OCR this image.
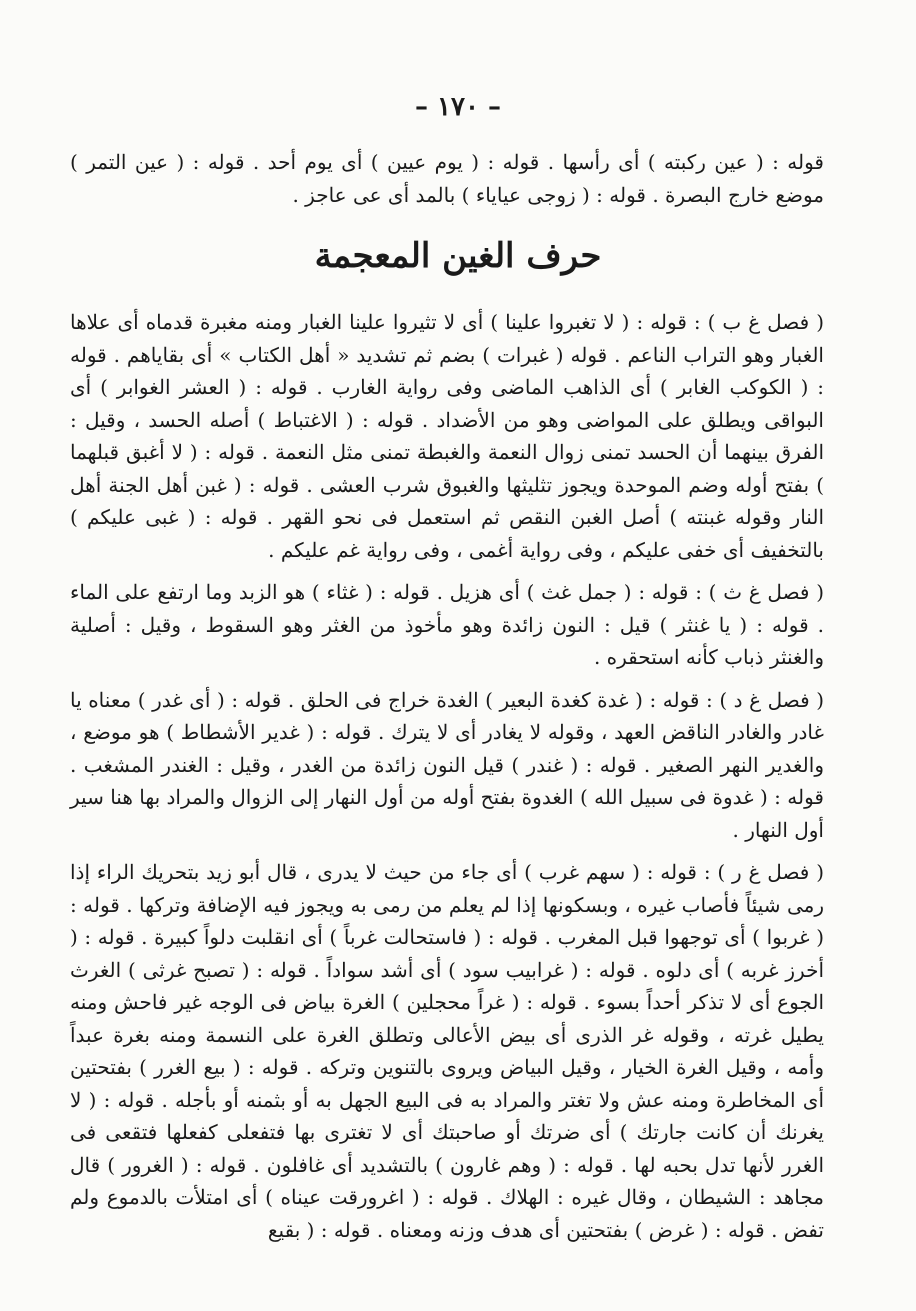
– ١٧٠ –

قوله : ( عين ركبته ) أى رأسها . قوله : ( يوم عيين ) أى يوم أحد . قوله : ( عين التمر ) موضع خارج البصرة . قوله : ( زوجى عياياء ) بالمد أى عى عاجز .

حرف الغين المعجمة

( فصل غ ب ) : قوله : ( لا تغبروا علينا ) أى لا تثيروا علينا الغبار ومنه مغبرة قدماه أى علاها الغبار وهو التراب الناعم . قوله ( غبرات ) بضم ثم تشديد « أهل الكتاب » أى بقاياهم . قوله : ( الكوكب الغابر ) أى الذاهب الماضى وفى رواية الغارب . قوله : ( العشر الغوابر ) أى البواقى ويطلق على المواضى وهو من الأضداد . قوله : ( الاغتباط ) أصله الحسد ، وقيل : الفرق بينهما أن الحسد تمنى زوال النعمة والغبطة تمنى مثل النعمة . قوله : ( لا أغبق قبلهما ) بفتح أوله وضم الموحدة ويجوز تثليثها والغبوق شرب العشى . قوله : ( غبن أهل الجنة أهل النار وقوله غبنته ) أصل الغبن النقص ثم استعمل فى نحو القهر . قوله : ( غبى عليكم ) بالتخفيف أى خفى عليكم ، وفى رواية أغمى ، وفى رواية غم عليكم .

( فصل غ ث ) : قوله : ( جمل غث ) أى هزيل . قوله : ( غثاء ) هو الزبد وما ارتفع على الماء . قوله : ( يا غنثر ) قيل : النون زائدة وهو مأخوذ من الغثر وهو السقوط ، وقيل : أصلية والغنثر ذباب كأنه استحقره .

( فصل غ د ) : قوله : ( غدة كغدة البعير ) الغدة خراج فى الحلق . قوله : ( أى غدر ) معناه يا غادر والغادر الناقض العهد ، وقوله لا يغادر أى لا يترك . قوله : ( غدير الأشطاط ) هو موضع ، والغدير النهر الصغير . قوله : ( غندر ) قيل النون زائدة من الغدر ، وقيل : الغندر المشغب . قوله : ( غدوة فى سبيل الله ) الغدوة بفتح أوله من أول النهار إلى الزوال والمراد بها هنا سير أول النهار .

( فصل غ ر ) : قوله : ( سهم غرب ) أى جاء من حيث لا يدرى ، قال أبو زيد بتحريك الراء إذا رمى شيئاً فأصاب غيره ، وبسكونها إذا لم يعلم من رمى به ويجوز فيه الإضافة وتركها . قوله : ( غربوا ) أى توجهوا قبل المغرب . قوله : ( فاستحالت غرباً ) أى انقلبت دلواً كبيرة . قوله : ( أخرز غربه ) أى دلوه . قوله : ( غرابيب سود ) أى أشد سواداً . قوله : ( تصبح غرثى ) الغرث الجوع أى لا تذكر أحداً بسوء . قوله : ( غراً محجلين ) الغرة بياض فى الوجه غير فاحش ومنه يطيل غرته ، وقوله غر الذرى أى بيض الأعالى وتطلق الغرة على النسمة ومنه بغرة عبداً وأمه ، وقيل الغرة الخيار ، وقيل البياض ويروى بالتنوين وتركه . قوله : ( بيع الغرر ) بفتحتين أى المخاطرة ومنه عش ولا تغتر والمراد به فى البيع الجهل به أو بثمنه أو بأجله . قوله : ( لا يغرنك أن كانت جارتك ) أى ضرتك أو صاحبتك أى لا تغترى بها فتفعلى كفعلها فتقعى فى الغرر لأنها تدل بحبه لها . قوله : ( وهم غارون ) بالتشديد أى غافلون . قوله : ( الغرور ) قال مجاهد : الشيطان ، وقال غيره : الهلاك . قوله : ( اغرورقت عيناه ) أى امتلأت بالدموع ولم تفض . قوله : ( غرض ) بفتحتين أى هدف وزنه ومعناه . قوله : ( بقيع
